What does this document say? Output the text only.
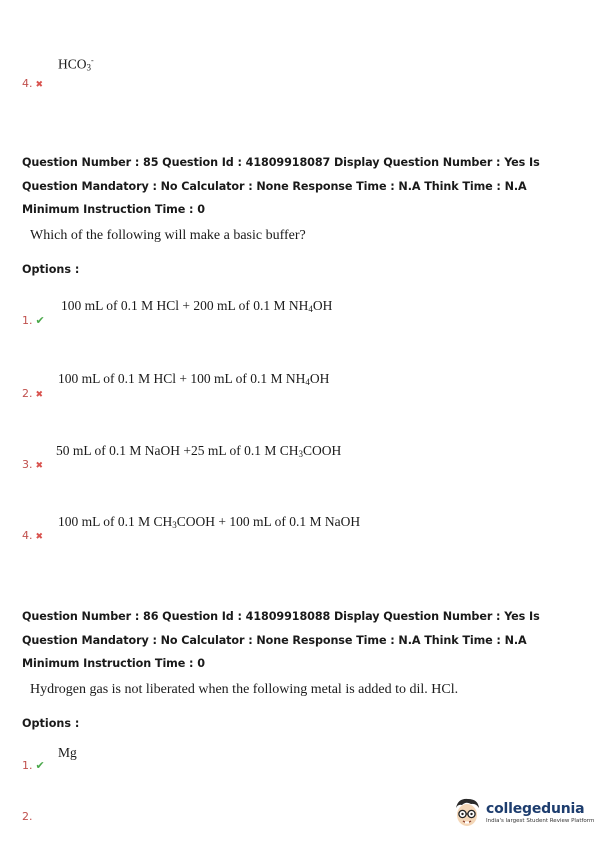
$HCO_3^-$
4. ✖
Question Number : 85 Question Id : 41809918087 Display Question Number : Yes Is Question Mandatory : No Calculator : None Response Time : N.A Think Time : N.A Minimum Instruction Time : 0
Which of the following will make a basic buffer?
Options :
100 mL of 0.1 M HCl + 200 mL of 0.1 M $NH_4OH$
1. ✔
100 mL of 0.1 M HCl + 100 mL of 0.1 M $NH_4OH$
2. ✖
50 mL of 0.1 M NaOH +25 mL of 0.1 M $CH_3COOH$
3. ✖
100 mL of 0.1 M $CH_3COOH + 100$ mL of 0.1 M NaOH
4. ✖
Question Number : 86 Question Id : 41809918088 Display Question Number : Yes Is Question Mandatory : No Calculator : None Response Time : N.A Think Time : N.A Minimum Instruction Time : 0
Hydrogen gas is not liberated when the following metal is added to dil. HCl.
Options :
Mg
1. ✔
2.	collegedunia
India's largest Student Review Platform
